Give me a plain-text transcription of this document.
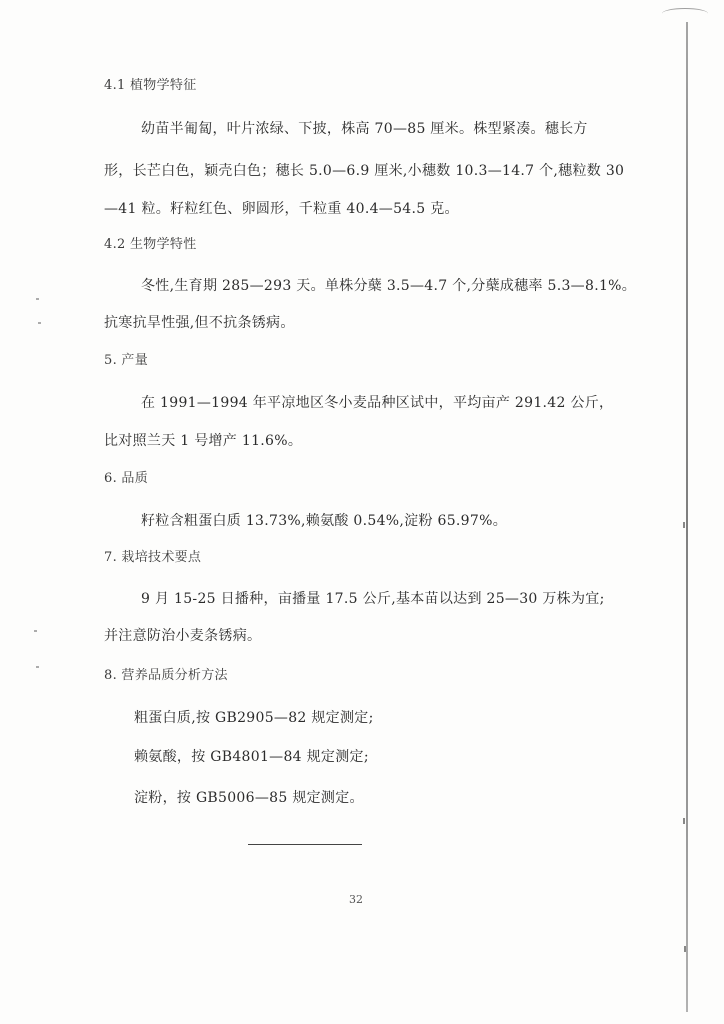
4.1 植物学特征
幼苗半匍匐，叶片浓绿、下披，株高 70—85 厘米。株型紧凑。穗长方
形，长芒白色，颖壳白色；穗长 5.0—6.9 厘米,小穗数 10.3—14.7 个,穗粒数 30
—41 粒。籽粒红色、卵圆形，千粒重 40.4—54.5 克。
4.2 生物学特性
冬性,生育期 285—293 天。单株分蘖 3.5—4.7 个,分蘖成穗率 5.3—8.1%。
抗寒抗旱性强,但不抗条锈病。
5. 产量
在 1991—1994 年平凉地区冬小麦品种区试中，平均亩产 291.42 公斤，
比对照兰天 1 号增产 11.6%。
6. 品质
籽粒含粗蛋白质 13.73%,赖氨酸 0.54%,淀粉 65.97%。
7. 栽培技术要点
9 月 15-25 日播种，亩播量 17.5 公斤,基本苗以达到 25—30 万株为宜;
并注意防治小麦条锈病。
8. 营养品质分析方法
粗蛋白质,按 GB2905—82 规定测定;
赖氨酸，按 GB4801—84 规定测定;
淀粉，按 GB5006—85 规定测定。
32
